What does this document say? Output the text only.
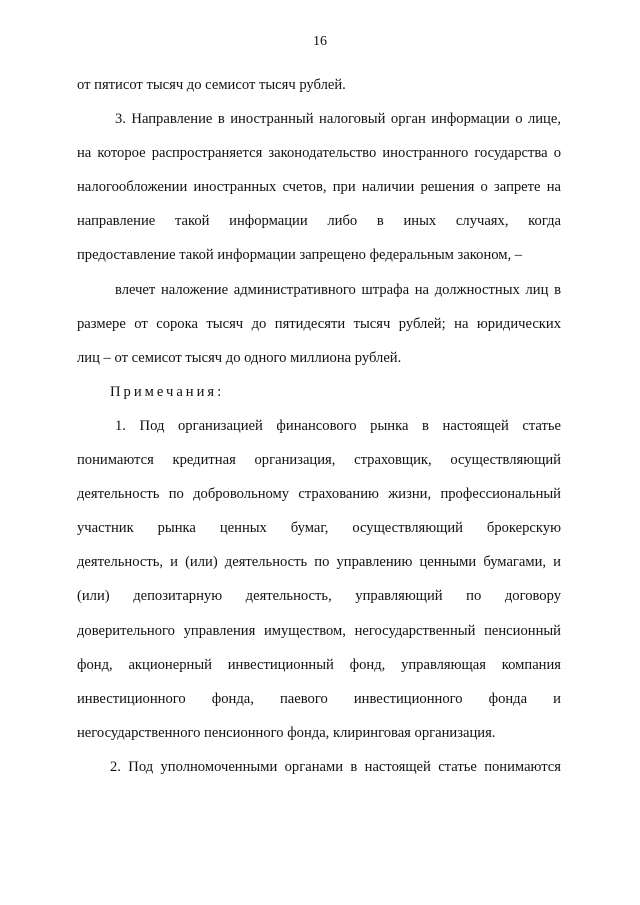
16
от пятисот тысяч до семисот тысяч рублей.
3. Направление в иностранный налоговый орган информации о лице,
на которое распространяется законодательство иностранного государства о
налогообложении иностранных счетов, при наличии решения о запрете на
направление такой информации либо в иных случаях, когда
предоставление такой информации запрещено федеральным законом, –
влечет наложение административного штрафа на должностных лиц в
размере от сорока тысяч до пятидесяти тысяч рублей; на юридических
лиц – от семисот тысяч до одного миллиона рублей.
Примечания:
1. Под организацией финансового рынка в настоящей статье
понимаются кредитная организация, страховщик, осуществляющий
деятельность по добровольному страхованию жизни, профессиональный
участник рынка ценных бумаг, осуществляющий брокерскую
деятельность, и (или) деятельность по управлению ценными бумагами, и
(или) депозитарную деятельность, управляющий по договору
доверительного управления имуществом, негосударственный пенсионный
фонд, акционерный инвестиционный фонд, управляющая компания
инвестиционного фонда, паевого инвестиционного фонда и
негосударственного пенсионного фонда, клиринговая организация.
2. Под уполномоченными органами в настоящей статье понимаются
